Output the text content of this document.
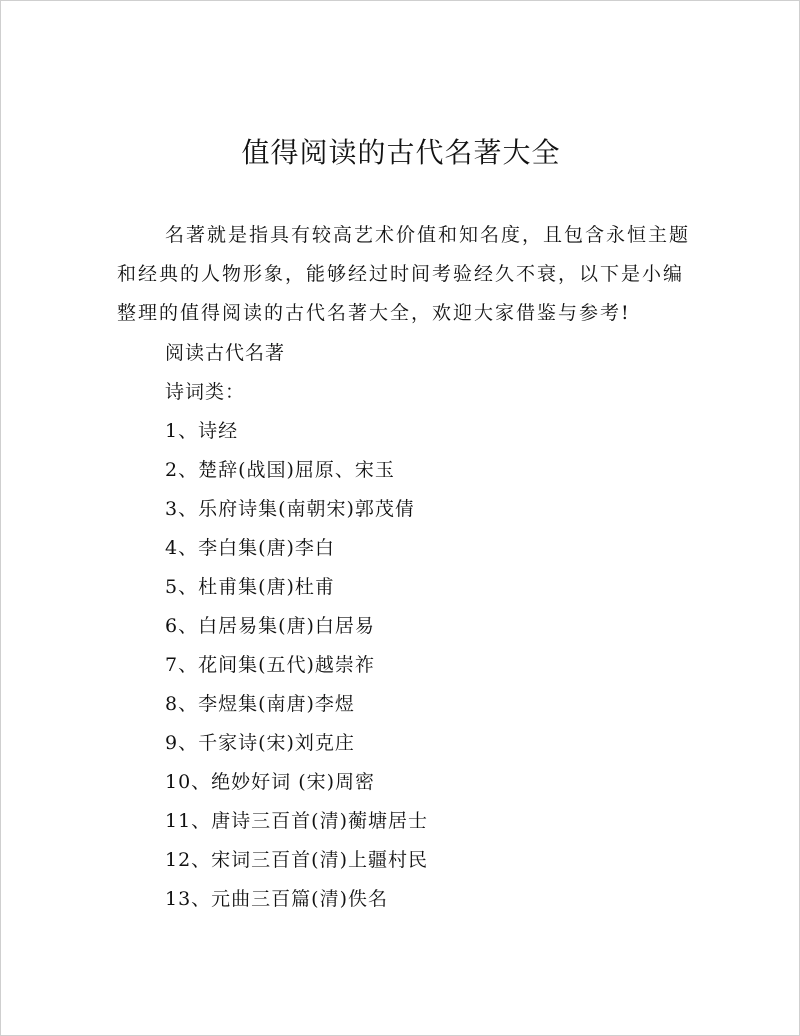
值得阅读的古代名著大全

名著就是指具有较高艺术价值和知名度，且包含永恒主题和经典的人物形象，能够经过时间考验经久不衰，以下是小编整理的值得阅读的古代名著大全，欢迎大家借鉴与参考!

阅读古代名著
诗词类：
1、诗经
2、楚辞(战国)屈原、宋玉
3、乐府诗集(南朝宋)郭茂倩
4、李白集(唐)李白
5、杜甫集(唐)杜甫
6、白居易集(唐)白居易
7、花间集(五代)越崇祚
8、李煜集(南唐)李煜
9、千家诗(宋)刘克庄
10、绝妙好词 (宋)周密
11、唐诗三百首(清)蘅塘居士
12、宋词三百首(清)上疆村民
13、元曲三百篇(清)佚名
